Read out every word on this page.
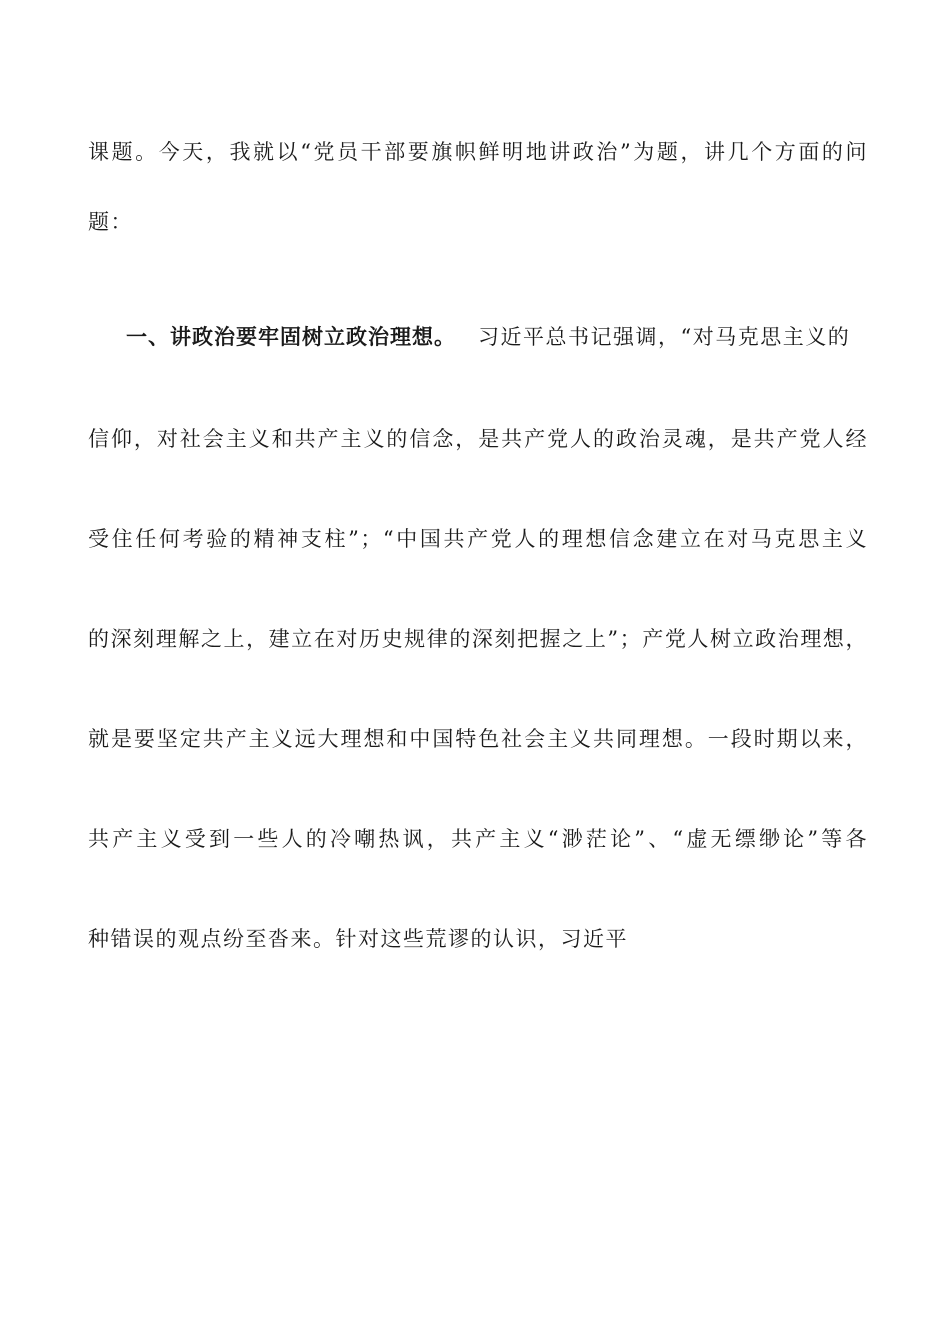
课题。今天，我就以“党员干部要旗帜鲜明地讲政治”为题，讲几个方面的问
题：
一、讲政治要牢固树立政治理想。 习近平总书记强调，“对马克思主义的
信仰，对社会主义和共产主义的信念，是共产党人的政治灵魂，是共产党人经
受住任何考验的精神支柱”；“中国共产党人的理想信念建立在对马克思主义
的深刻理解之上，建立在对历史规律的深刻把握之上”；产党人树立政治理想，
就是要坚定共产主义远大理想和中国特色社会主义共同理想。一段时期以来，
共产主义受到一些人的冷嘲热讽，共产主义“渺茫论”、“虚无缥缈论”等各
种错误的观点纷至沓来。针对这些荒谬的认识，习近平
